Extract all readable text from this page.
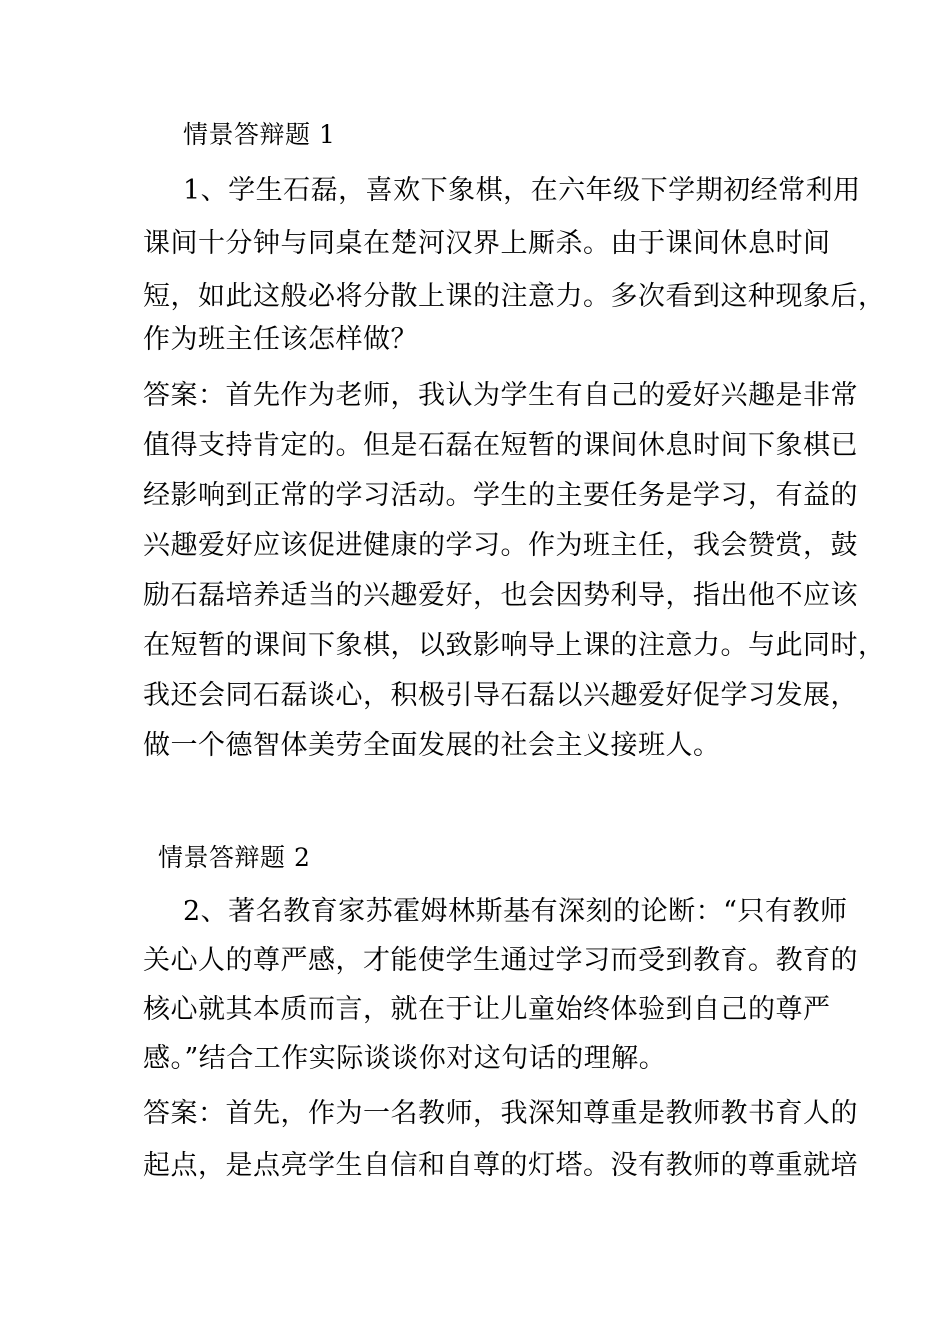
情景答辩题 1
1、学生石磊，喜欢下象棋，在六年级下学期初经常利用
课间十分钟与同桌在楚河汉界上厮杀。由于课间休息时间
短，如此这般必将分散上课的注意力。多次看到这种现象后，
作为班主任该怎样做？
答案：首先作为老师，我认为学生有自己的爱好兴趣是非常
值得支持肯定的。但是石磊在短暂的课间休息时间下象棋已
经影响到正常的学习活动。学生的主要任务是学习，有益的
兴趣爱好应该促进健康的学习。作为班主任，我会赞赏，鼓
励石磊培养适当的兴趣爱好，也会因势利导，指出他不应该
在短暂的课间下象棋，以致影响导上课的注意力。与此同时，
我还会同石磊谈心，积极引导石磊以兴趣爱好促学习发展，
做一个德智体美劳全面发展的社会主义接班人。
情景答辩题 2
2、著名教育家苏霍姆林斯基有深刻的论断：“只有教师
关心人的尊严感，才能使学生通过学习而受到教育。教育的
核心就其本质而言，就在于让儿童始终体验到自己的尊严
感。”结合工作实际谈谈你对这句话的理解。
答案：首先，作为一名教师，我深知尊重是教师教书育人的
起点，是点亮学生自信和自尊的灯塔。没有教师的尊重就培
